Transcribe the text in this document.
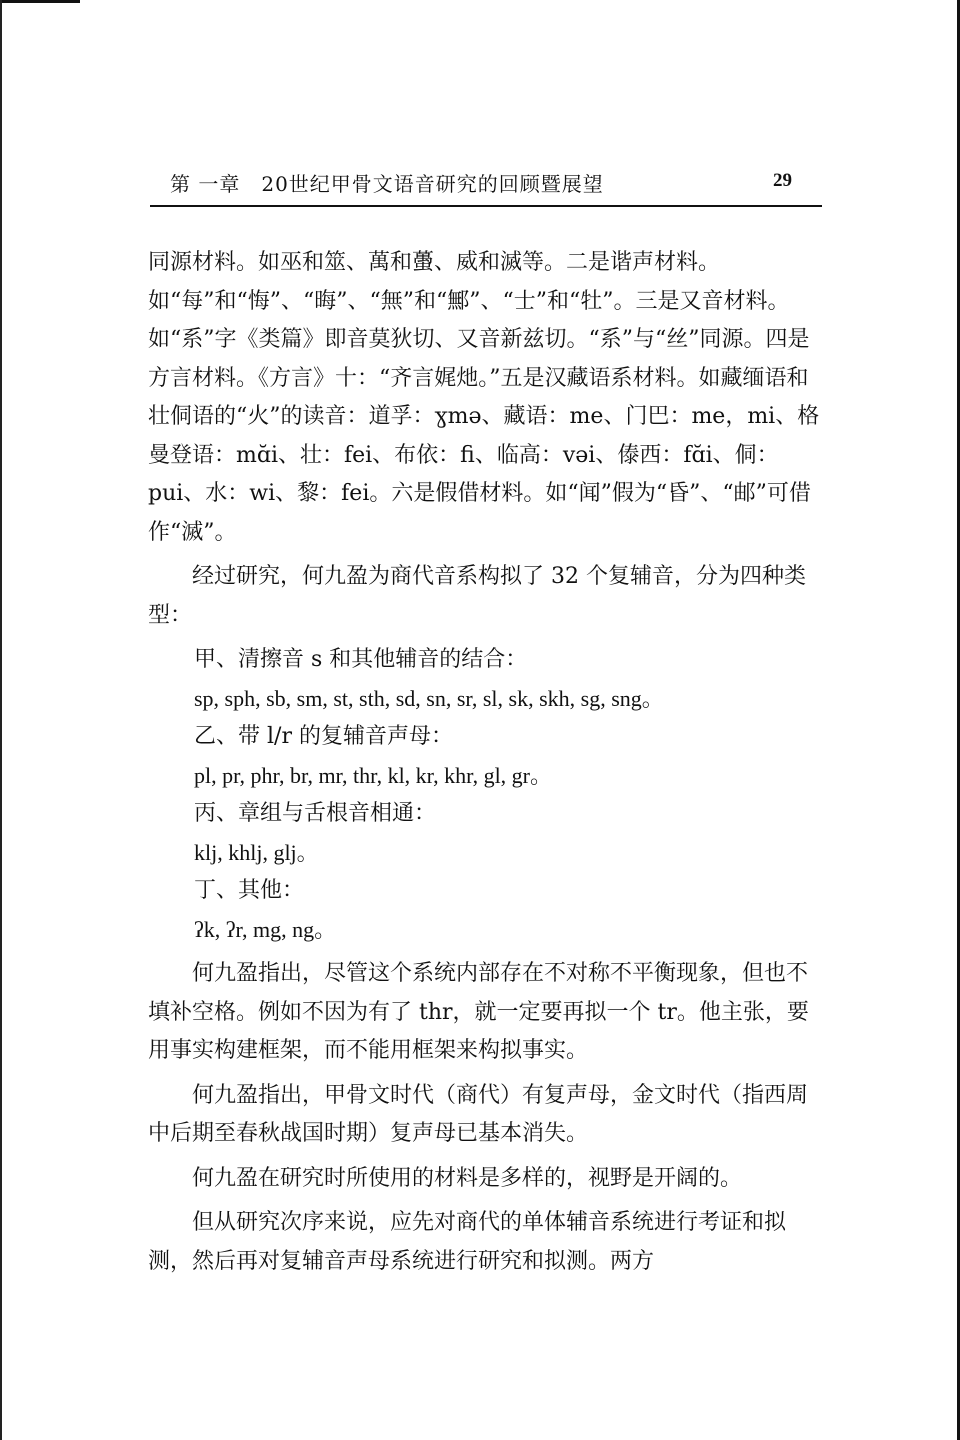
第 一章　20世纪甲骨文语音研究的回顾暨展望	29

同源材料。如巫和筮、萬和蠆、威和滅等。二是谐声材料。如“每”和“悔”、“晦”、“無”和“鄦”、“士”和“牡”。三是又音材料。如“系”字《类篇》即音莫狄切、又音新兹切。“系”与“丝”同源。四是方言材料。《方言》十：“齐言娓灺。”五是汉藏语系材料。如藏缅语和壮侗语的“火”的读音：道孚：ɣmə、藏语：me、门巴：me，mi、格曼登语：mɑ̆i、壮：fei、布依：fi、临高：vəi、傣西：fɑ̆i、侗：pui、水：wi、黎：fei。六是假借材料。如“闻”假为“昏”、“邮”可借作“滅”。

经过研究，何九盈为商代音系构拟了 32 个复辅音，分为四种类型：

甲、清擦音 s 和其他辅音的结合：

sp, sph, sb, sm, st, sth, sd, sn, sr, sl, sk, skh, sg, sng。

乙、带 l/r 的复辅音声母：

pl, pr, phr, br, mr, thr, kl, kr, khr, gl, gr。

丙、章组与舌根音相通：

klj, khlj, glj。

丁、其他：

ʔk, ʔr, mg, ng。

何九盈指出，尽管这个系统内部存在不对称不平衡现象，但也不填补空格。例如不因为有了 thr，就一定要再拟一个 tr。他主张，要用事实构建框架，而不能用框架来构拟事实。

何九盈指出，甲骨文时代（商代）有复声母，金文时代（指西周中后期至春秋战国时期）复声母已基本消失。

何九盈在研究时所使用的材料是多样的，视野是开阔的。

但从研究次序来说，应先对商代的单体辅音系统进行考证和拟测，然后再对复辅音声母系统进行研究和拟测。两方
